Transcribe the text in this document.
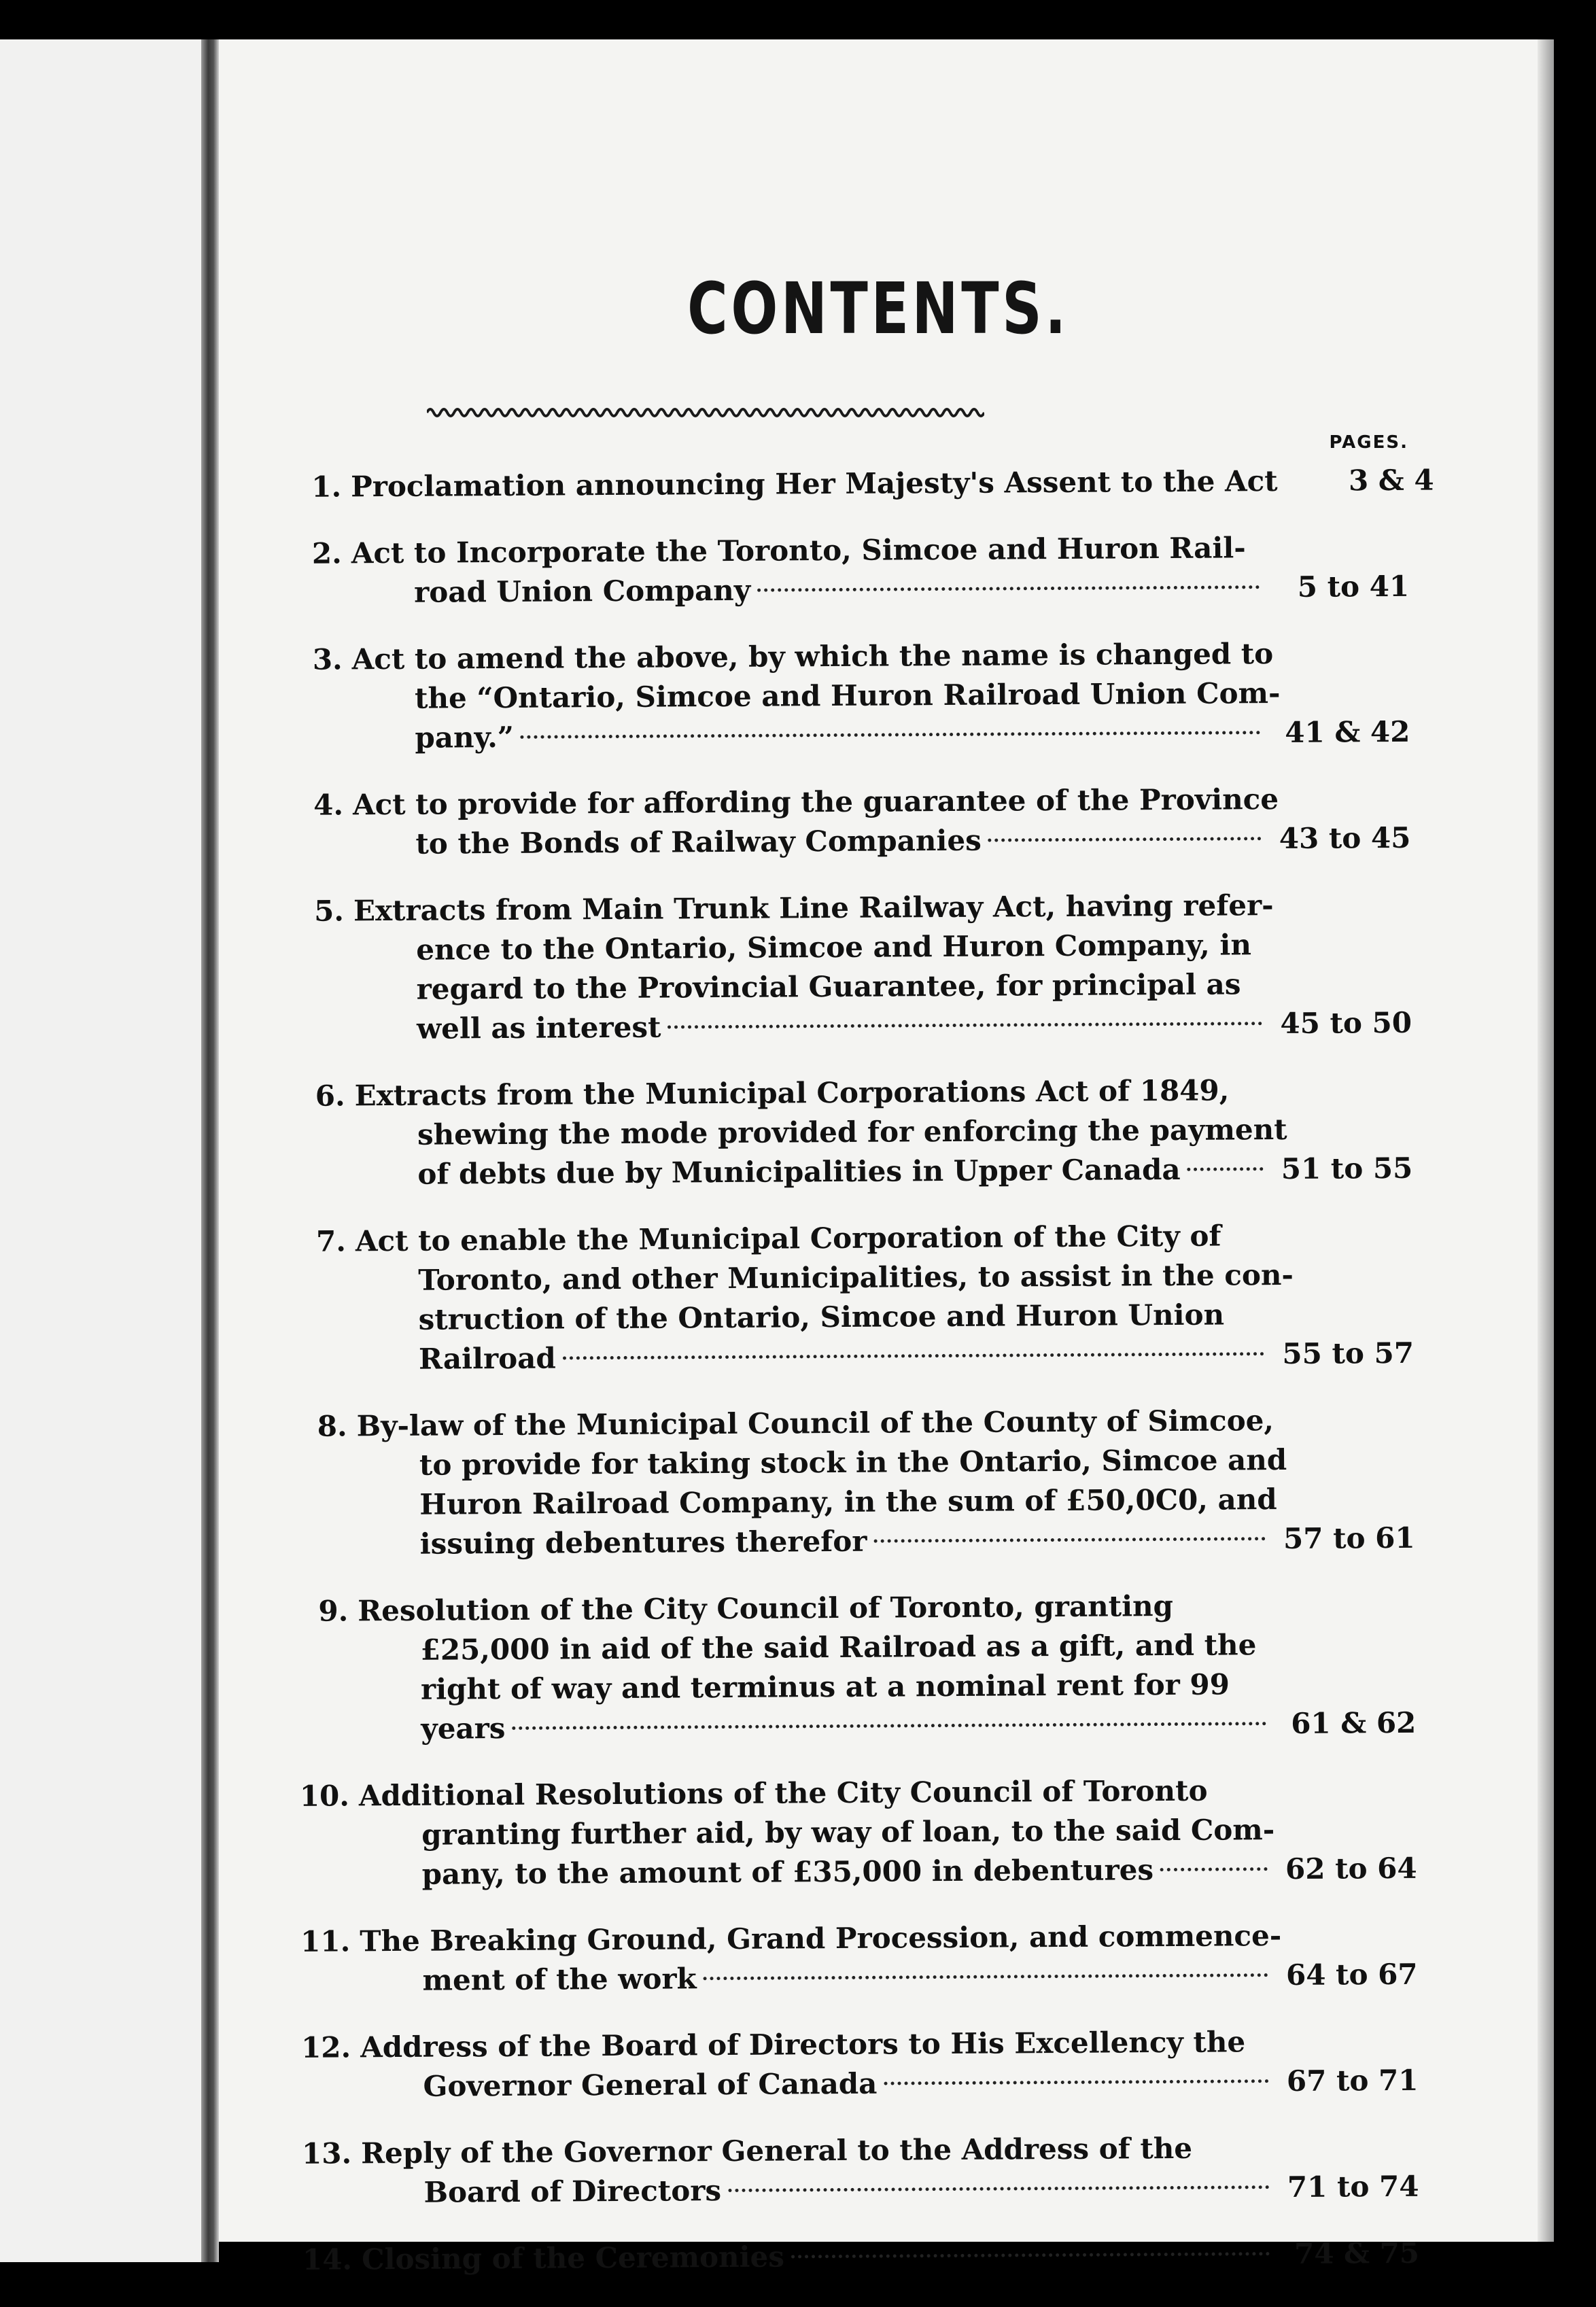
CONTENTS.
PAGES.
1. Proclamation announcing Her Majesty's Assent to the Act	3 & 4
2. Act to Incorporate the Toronto, Simcoe and Huron Rail-
road Union Company	5 to 41
3. Act to amend the above, by which the name is changed to
the “Ontario, Simcoe and Huron Railroad Union Com-
pany.”	41 & 42
4. Act to provide for affording the guarantee of the Province
to the Bonds of Railway Companies	43 to 45
5. Extracts from Main Trunk Line Railway Act, having refer-
ence to the Ontario, Simcoe and Huron Company, in
regard to the Provincial Guarantee, for principal as
well as interest	45 to 50
6. Extracts from the Municipal Corporations Act of 1849,
shewing the mode provided for enforcing the payment
of debts due by Municipalities in Upper Canada	51 to 55
7. Act to enable the Municipal Corporation of the City of
Toronto, and other Municipalities, to assist in the con-
struction of the Ontario, Simcoe and Huron Union
Railroad	55 to 57
8. By-law of the Municipal Council of the County of Simcoe,
to provide for taking stock in the Ontario, Simcoe and
Huron Railroad Company, in the sum of £50,0C0, and
issuing debentures therefor	57 to 61
9. Resolution of the City Council of Toronto, granting
£25,000 in aid of the said Railroad as a gift, and the
right of way and terminus at a nominal rent for 99
years	61 & 62
10. Additional Resolutions of the City Council of Toronto
granting further aid, by way of loan, to the said Com-
pany, to the amount of £35,000 in debentures	62 to 64
11. The Breaking Ground, Grand Procession, and commence-
ment of the work	64 to 67
12. Address of the Board of Directors to His Excellency the
Governor General of Canada	67 to 71
13. Reply of the Governor General to the Address of the
Board of Directors	71 to 74
14. Closing of the Ceremonies	74 & 75
